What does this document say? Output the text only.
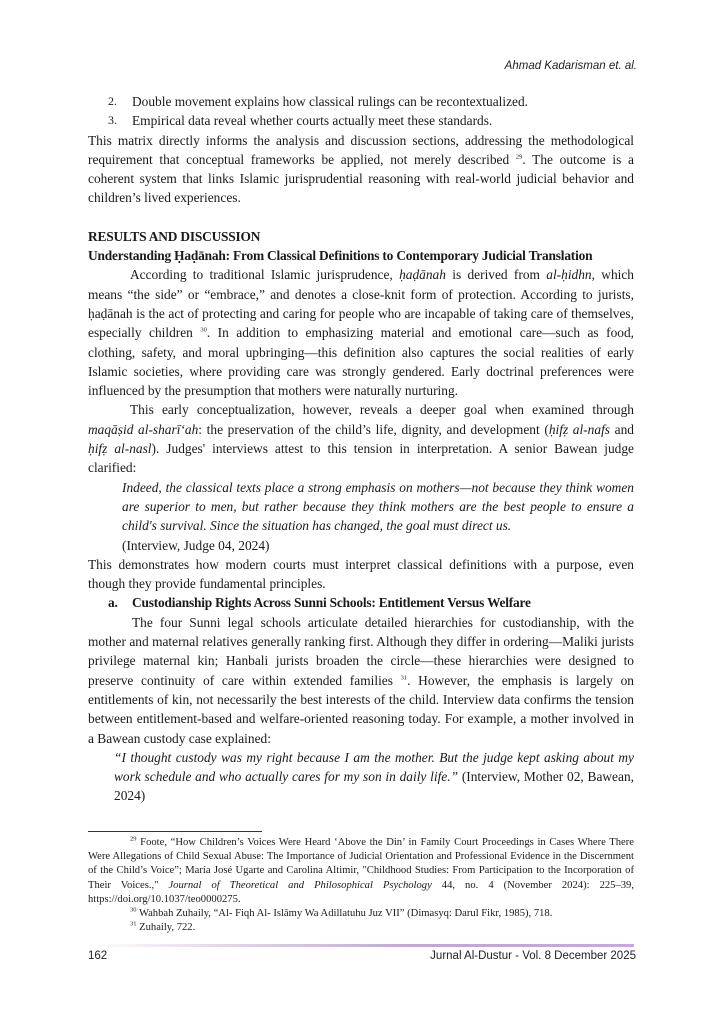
Ahmad Kadarisman et. al.
2.	Double movement explains how classical rulings can be recontextualized.
3.	Empirical data reveal whether courts actually meet these standards.

This matrix directly informs the analysis and discussion sections, addressing the methodological requirement that conceptual frameworks be applied, not merely described $^{29}$. The outcome is a coherent system that links Islamic jurisprudential reasoning with real-world judicial behavior and children’s lived experiences.

RESULTS AND DISCUSSION

Understanding Ḥaḍānah: From Classical Definitions to Contemporary Judicial Translation

According to traditional Islamic jurisprudence, ḥaḍānah is derived from al-ḥidhn, which means “the side” or “embrace,” and denotes a close-knit form of protection. According to jurists, ḥaḍānah is the act of protecting and caring for people who are incapable of taking care of themselves, especially children $^{30}$. In addition to emphasizing material and emotional care—such as food, clothing, safety, and moral upbringing—this definition also captures the social realities of early Islamic societies, where providing care was strongly gendered. Early doctrinal preferences were influenced by the presumption that mothers were naturally nurturing.

This early conceptualization, however, reveals a deeper goal when examined through maqāṣid al-sharī‘ah: the preservation of the child’s life, dignity, and development (ḥifẓ al-nafs and ḥifẓ al-nasl). Judges' interviews attest to this tension in interpretation. A senior Bawean judge clarified:

Indeed, the classical texts place a strong emphasis on mothers—not because they think women are superior to men, but rather because they think mothers are the best people to ensure a child's survival. Since the situation has changed, the goal must direct us.
(Interview, Judge 04, 2024)

This demonstrates how modern courts must interpret classical definitions with a purpose, even though they provide fundamental principles.

a.	Custodianship Rights Across Sunni Schools: Entitlement Versus Welfare

The four Sunni legal schools articulate detailed hierarchies for custodianship, with the

mother and maternal relatives generally ranking first. Although they differ in ordering—Maliki jurists privilege maternal kin; Hanbali jurists broaden the circle—these hierarchies were designed to preserve continuity of care within extended families $^{31}$. However, the emphasis is largely on entitlements of kin, not necessarily the best interests of the child. Interview data confirms the tension between entitlement-based and welfare-oriented reasoning today. For example, a mother involved in a Bawean custody case explained:

“I thought custody was my right because I am the mother. But the judge kept asking about my work schedule and who actually cares for my son in daily life.” (Interview, Mother 02, Bawean, 2024)

$^{29}$ Foote, “How Children’s Voices Were Heard ‘Above the Din’ in Family Court Proceedings in Cases Where There Were Allegations of Child Sexual Abuse: The Importance of Judicial Orientation and Professional Evidence in the Discernment of the Child’s Voice”; María José Ugarte and Carolina Altimir, "Childhood Studies: From Participation to the Incorporation of Their Voices.," Journal of Theoretical and Philosophical Psychology 44, no. 4 (November 2024): 225–39, https://doi.org/10.1037/teo0000275.

$^{30}$ Wahbah Zuhaily, “Al- Fiqh Al- Islāmy Wa Adillatuhu Juz VII” (Dimasyq: Darul Fikr, 1985), 718.

$^{31}$ Zuhaily, 722.

162	Jurnal Al-Dustur - Vol. 8 December 2025
